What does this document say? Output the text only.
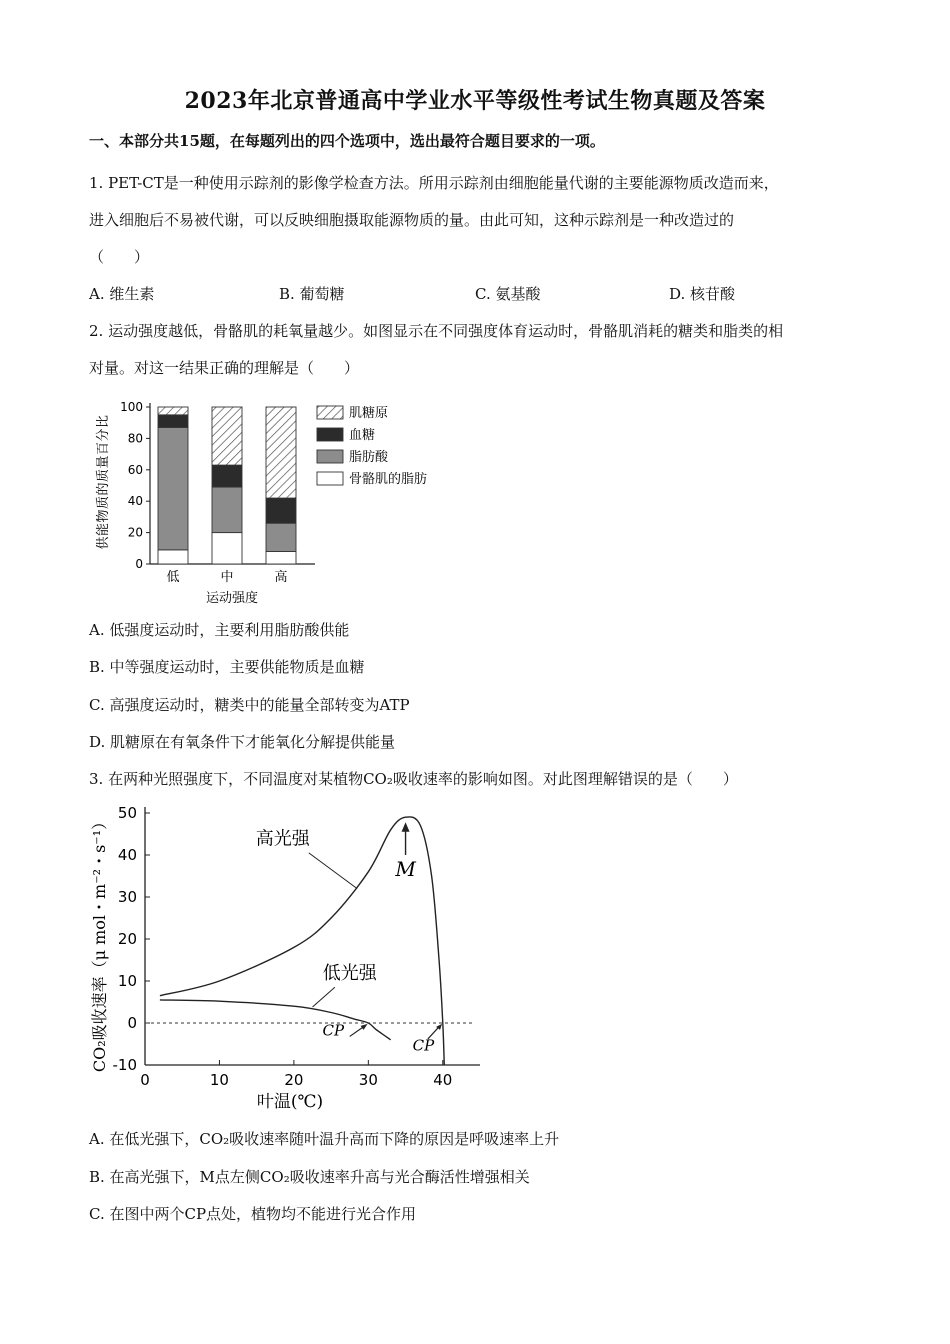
2023年北京普通高中学业水平等级性考试生物真题及答案
一、本部分共15题，在每题列出的四个选项中，选出最符合题目要求的一项。
1. PET-CT是一种使用示踪剂的影像学检查方法。所用示踪剂由细胞能量代谢的主要能源物质改造而来，
进入细胞后不易被代谢，可以反映细胞摄取能源物质的量。由此可知，这种示踪剂是一种改造过的
（　　）
A. 维生素	B. 葡萄糖	C. 氨基酸	D. 核苷酸
2. 运动强度越低，骨骼肌的耗氧量越少。如图显示在不同强度体育运动时，骨骼肌消耗的糖类和脂类的相
对量。对这一结果正确的理解是（　　）
0
20
40
60
80
100
低	中	高
肌糖原
血糖
脂肪酸
骨骼肌的脂肪
供能物质的质量百分比
运动强度
A. 低强度运动时，主要利用脂肪酸供能
B. 中等强度运动时，主要供能物质是血糖
C. 高强度运动时，糖类中的能量全部转变为ATP
D. 肌糖原在有氧条件下才能氧化分解提供能量
3. 在两种光照强度下，不同温度对某植物CO₂吸收速率的影响如图。对此图理解错误的是（　　）
-10
0
10
20
30
40
50
0	10	20	30	40
高光强
低光强
M
CP
CP
CO₂吸收速率（μ mol・m⁻²・s⁻¹）
叶温(℃)
A. 在低光强下，CO₂吸收速率随叶温升高而下降的原因是呼吸速率上升
B. 在高光强下，M点左侧CO₂吸收速率升高与光合酶活性增强相关
C. 在图中两个CP点处，植物均不能进行光合作用
